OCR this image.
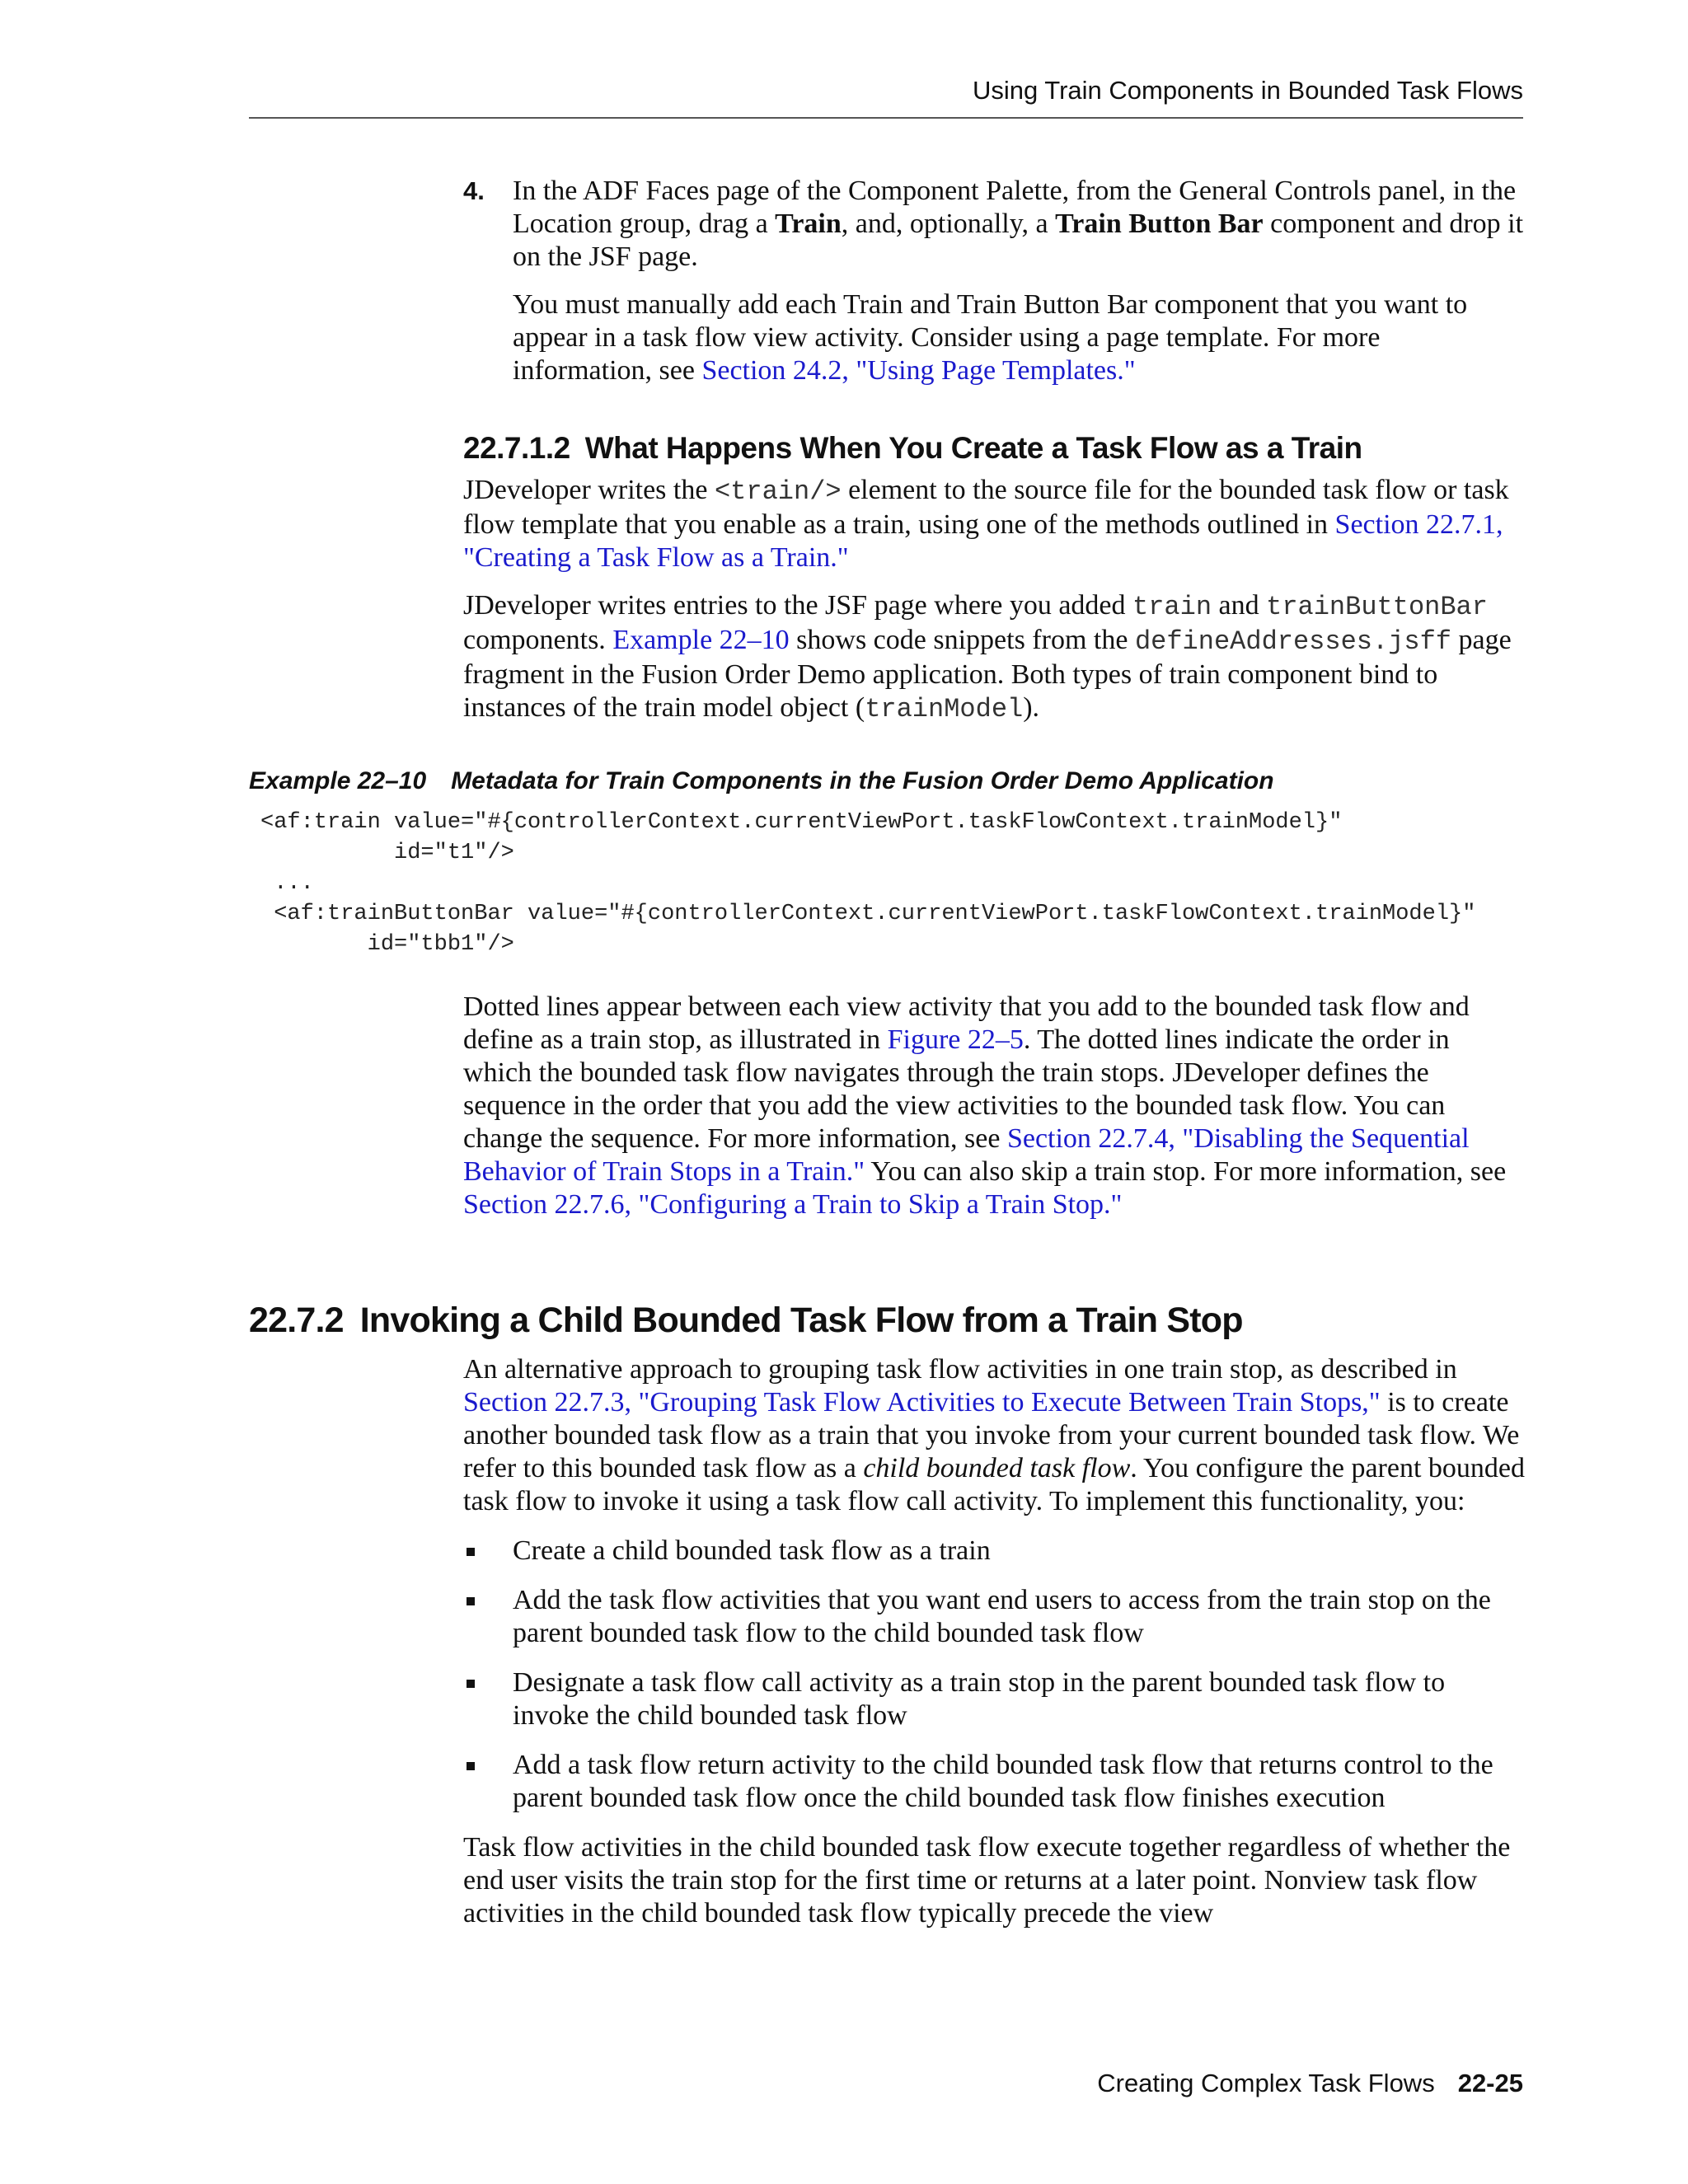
Using Train Components in Bounded Task Flows
4. In the ADF Faces page of the Component Palette, from the General Controls panel, in the Location group, drag a Train, and, optionally, a Train Button Bar component and drop it on the JSF page.

You must manually add each Train and Train Button Bar component that you want to appear in a task flow view activity. Consider using a page template. For more information, see Section 24.2, "Using Page Templates."

22.7.1.2 What Happens When You Create a Task Flow as a Train

JDeveloper writes the <train/> element to the source file for the bounded task flow or task flow template that you enable as a train, using one of the methods outlined in Section 22.7.1, "Creating a Task Flow as a Train."

JDeveloper writes entries to the JSF page where you added train and trainButtonBar components. Example 22–10 shows code snippets from the defineAddresses.jsff page fragment in the Fusion Order Demo application. Both types of train component bind to instances of the train model object (trainModel).

Example 22–10 Metadata for Train Components in the Fusion Order Demo Application
<af:train value="#{controllerContext.currentViewPort.taskFlowContext.trainModel}"
id="t1"/>
...
<af:trainButtonBar value="#{controllerContext.currentViewPort.taskFlowContext.trainModel}"
id="tbb1"/>

Dotted lines appear between each view activity that you add to the bounded task flow and define as a train stop, as illustrated in Figure 22–5. The dotted lines indicate the order in which the bounded task flow navigates through the train stops. JDeveloper defines the sequence in the order that you add the view activities to the bounded task flow. You can change the sequence. For more information, see Section 22.7.4, "Disabling the Sequential Behavior of Train Stops in a Train." You can also skip a train stop. For more information, see Section 22.7.6, "Configuring a Train to Skip a Train Stop."

22.7.2 Invoking a Child Bounded Task Flow from a Train Stop

An alternative approach to grouping task flow activities in one train stop, as described in Section 22.7.3, "Grouping Task Flow Activities to Execute Between Train Stops," is to create another bounded task flow as a train that you invoke from your current bounded task flow. We refer to this bounded task flow as a child bounded task flow. You configure the parent bounded task flow to invoke it using a task flow call activity. To implement this functionality, you:

Create a child bounded task flow as a train
Add the task flow activities that you want end users to access from the train stop on the parent bounded task flow to the child bounded task flow
Designate a task flow call activity as a train stop in the parent bounded task flow to invoke the child bounded task flow
Add a task flow return activity to the child bounded task flow that returns control to the parent bounded task flow once the child bounded task flow finishes execution

Task flow activities in the child bounded task flow execute together regardless of whether the end user visits the train stop for the first time or returns at a later point. Nonview task flow activities in the child bounded task flow typically precede the view

Creating Complex Task Flows 22-25
